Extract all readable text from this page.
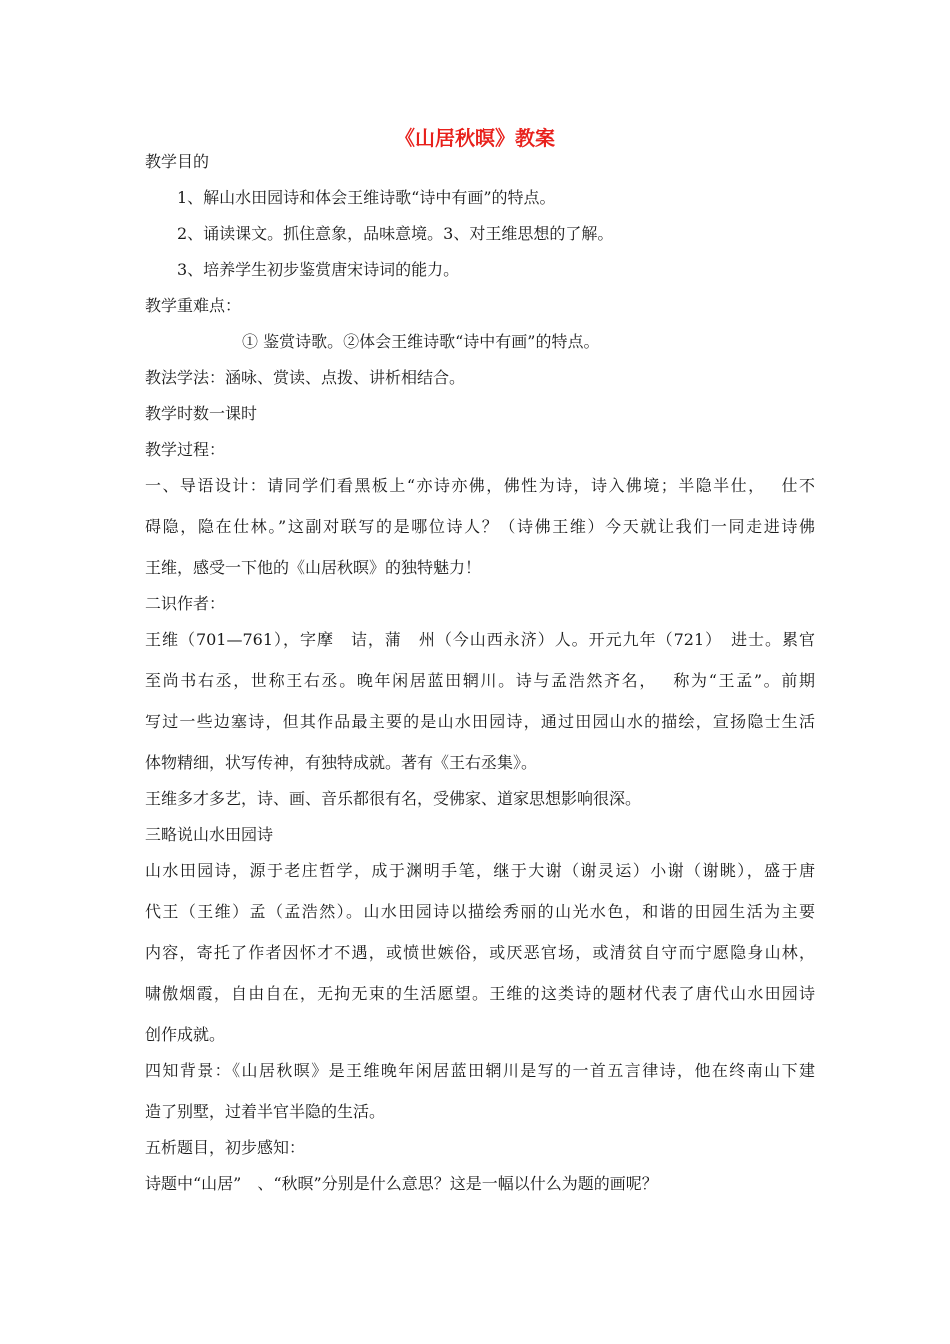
《山居秋暝》教案

教学目的

1、解山水田园诗和体会王维诗歌“诗中有画”的特点。

2、诵读课文。抓住意象，品味意境。3、对王维思想的了解。

3、培养学生初步鉴赏唐宋诗词的能力。

教学重难点：

① 鉴赏诗歌。②体会王维诗歌“诗中有画”的特点。

教法学法：涵咏、赏读、点拨、讲析相结合。

教学时数一课时

教学过程：

一、导语设计：请同学们看黑板上“亦诗亦佛，佛性为诗，诗入佛境；半隐半仕，　 仕不

碍隐，隐在仕林。”这副对联写的是哪位诗人？（诗佛王维）今天就让我们一同走进诗佛

王维，感受一下他的《山居秋暝》的独特魅力！

二识作者：

王维（701—761），字摩　诘，蒲　州（今山西永济）人。开元九年（721）　进士。累官

至尚书右丞，世称王右丞。晚年闲居蓝田辋川。诗与孟浩然齐名，　 称为“王孟”。前期

写过一些边塞诗，但其作品最主要的是山水田园诗，通过田园山水的描绘，宣扬隐士生活

体物精细，状写传神，有独特成就。著有《王右丞集》。

王维多才多艺，诗、画、音乐都很有名，受佛家、道家思想影响很深。

三略说山水田园诗

山水田园诗，源于老庄哲学，成于渊明手笔，继于大谢（谢灵运）小谢（谢眺），盛于唐

代王（王维）孟（孟浩然）。山水田园诗以描绘秀丽的山光水色，和谐的田园生活为主要

内容，寄托了作者因怀才不遇，或愤世嫉俗，或厌恶官场，或清贫自守而宁愿隐身山林，

啸傲烟霞，自由自在，无拘无束的生活愿望。王维的这类诗的题材代表了唐代山水田园诗

创作成就。

四知背景：《山居秋暝》是王维晚年闲居蓝田辋川是写的一首五言律诗，他在终南山下建

造了别墅，过着半官半隐的生活。

五析题目，初步感知：

诗题中“山居”　、“秋暝”分别是什么意思？这是一幅以什么为题的画呢？
